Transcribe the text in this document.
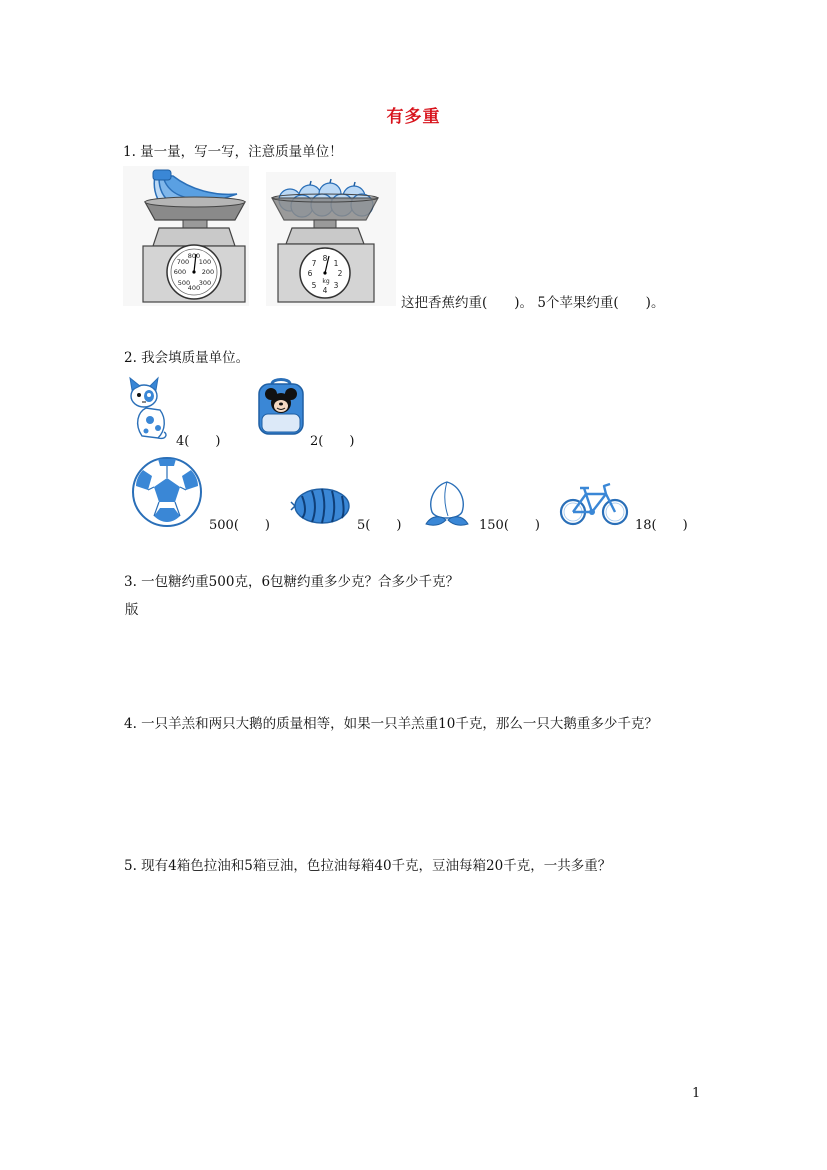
有多重
1. 量一量，写一写，注意质量单位！
800
700 100
600 200
500
400
300
8
7 1
6	2
5
4
3
kg
这把香蕉约重(　　)。 5个苹果约重(　　)。
2. 我会填质量单位。
4(　　)	2(　　)
500(　　)	5(　　)	150(　　)	18(　　)
3. 一包糖约重500克，6包糖约重多少克？合多少千克？
版
4. 一只羊羔和两只大鹅的质量相等，如果一只羊羔重10千克，那么一只大鹅重多少千克？
5. 现有4箱色拉油和5箱豆油，色拉油每箱40千克，豆油每箱20千克，一共多重？
1
